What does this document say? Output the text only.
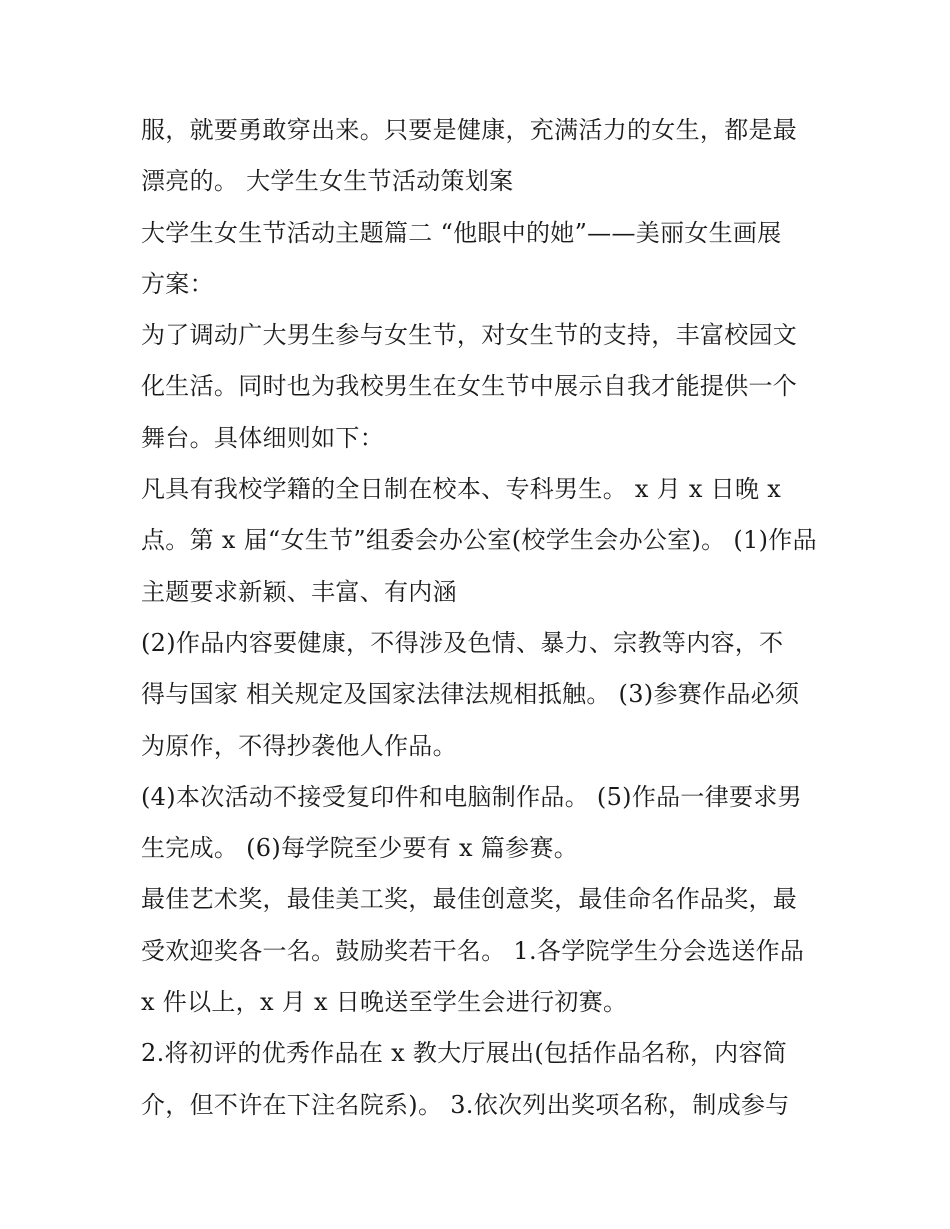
服，就要勇敢穿出来。只要是健康，充满活力的女生，都是最
漂亮的。 大学生女生节活动策划案
大学生女生节活动主题篇二 “他眼中的她”——美丽女生画展
方案：
为了调动广大男生参与女生节，对女生节的支持，丰富校园文
化生活。同时也为我校男生在女生节中展示自我才能提供一个
舞台。具体细则如下：
凡具有我校学籍的全日制在校本、专科男生。 x 月 x 日晚 x
点。第 x 届“女生节”组委会办公室(校学生会办公室)。 (1)作品
主题要求新颖、丰富、有内涵
(2)作品内容要健康，不得涉及色情、暴力、宗教等内容，不
得与国家 相关规定及国家法律法规相抵触。 (3)参赛作品必须
为原作，不得抄袭他人作品。
(4)本次活动不接受复印件和电脑制作品。 (5)作品一律要求男
生完成。 (6)每学院至少要有 x 篇参赛。
最佳艺术奖，最佳美工奖，最佳创意奖，最佳命名作品奖，最
受欢迎奖各一名。鼓励奖若干名。 1.各学院学生分会选送作品
x 件以上，x 月 x 日晚送至学生会进行初赛。
2.将初评的优秀作品在 x 教大厅展出(包括作品名称，内容简
介，但不许在下注名院系)。 3.依次列出奖项名称，制成参与
